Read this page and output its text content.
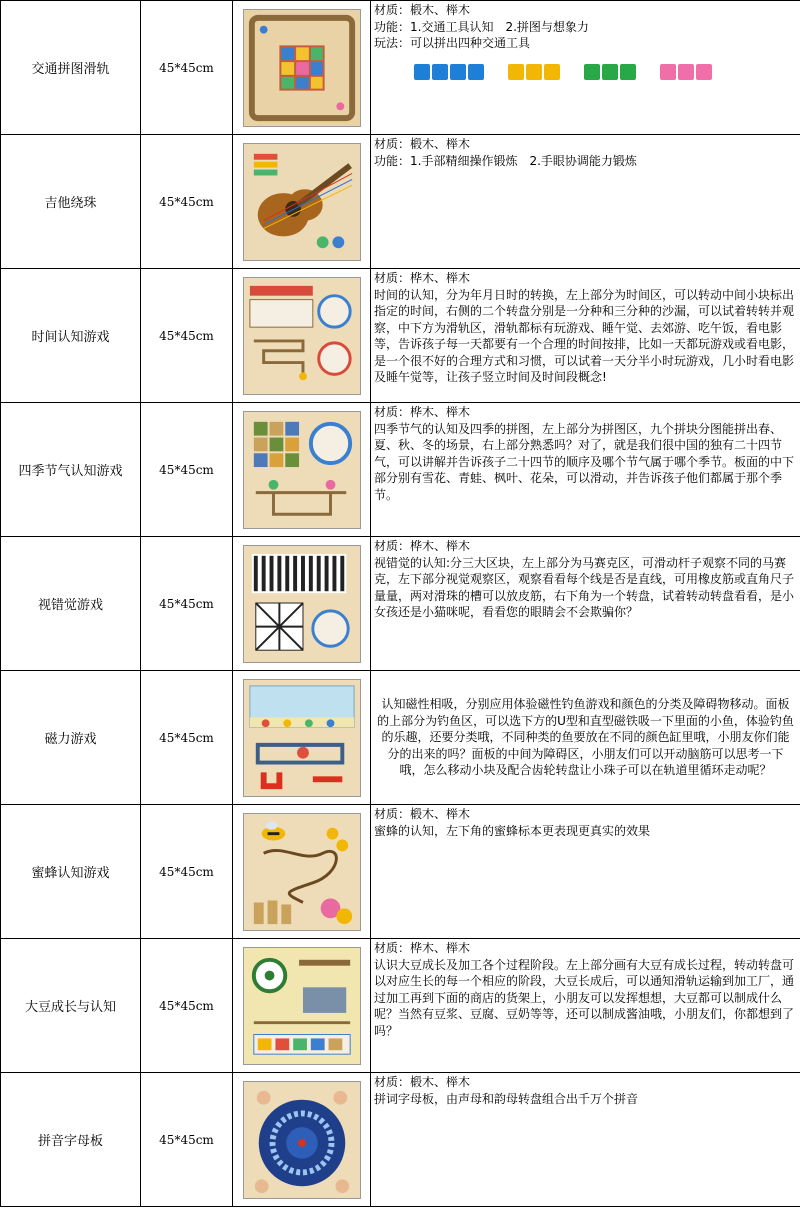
交通拼图滑轨	45*45cm		材质：椴木、榉木
功能：1.交通工具认知　2.拼图与想象力
玩法：可以拼出四种交通工具

吉他绕珠	45*45cm		材质：椴木、榉木
功能：1.手部精细操作锻炼　2.手眼协调能力锻炼

时间认知游戏	45*45cm		材质：桦木、榉木
时间的认知，分为年月日时的转换，左上部分为时间区，可以转动中间小块标出指定的时间，右侧的二个转盘分别是一分种和三分种的沙漏，可以试着转转并观察，中下方为滑轨区，滑轨都标有玩游戏、睡午觉、去郊游、吃午饭，看电影等，告诉孩子每一天都要有一个合理的时间按排，比如一天都玩游戏或看电影，是一个很不好的合理方式和习惯，可以试着一天分半小时玩游戏，几小时看电影及睡午觉等，让孩子竖立时间及时间段概念!

四季节气认知游戏	45*45cm		材质：桦木、榉木
四季节气的认知及四季的拼图，左上部分为拼图区，九个拼块分图能拼出春、夏、秋、冬的场景，右上部分熟悉吗？对了，就是我们很中国的独有二十四节气，可以讲解并告诉孩子二十四节的顺序及哪个节气属于哪个季节。板面的中下部分别有雪花、青蛙、枫叶、花朵，可以滑动，并告诉孩子他们都属于那个季节。

视错觉游戏	45*45cm		材质：桦木、榉木
视错觉的认知:分三大区块，左上部分为马赛克区，可滑动杆子观察不同的马赛克，左下部分视觉观察区，观察看看每个线是否是直线，可用橡皮筋或直角尺子量量，两对滑珠的槽可以放皮筋，右下角为一个转盘，试着转动转盘看看，是小女孩还是小猫咪呢，看看您的眼睛会不会欺骗你？

磁力游戏	45*45cm		认知磁性相吸，分别应用体验磁性钓鱼游戏和颜色的分类及障碍物移动。面板的上部分为钓鱼区，可以选下方的U型和直型磁铁吸一下里面的小鱼，体验钓鱼的乐趣，还要分类哦，不同种类的鱼要放在不同的颜色缸里哦，小朋友你们能分的出来的吗？面板的中间为障碍区，小朋友们可以开动脑筋可以思考一下哦，怎么移动小块及配合齿轮转盘让小珠子可以在轨道里循环走动呢？

蜜蜂认知游戏	45*45cm		材质：椴木、榉木
蜜蜂的认知，左下角的蜜蜂标本更表现更真实的效果

大豆成长与认知	45*45cm		材质：桦木、榉木
认识大豆成长及加工各个过程阶段。左上部分画有大豆有成长过程，转动转盘可以对应生长的每一个相应的阶段，大豆长成后，可以通知滑轨运输到加工厂，通过加工再到下面的商店的货架上，小朋友可以发挥想想，大豆都可以制成什么呢？当然有豆浆、豆腐、豆奶等等，还可以制成酱油哦，小朋友们，你都想到了吗？

拼音字母板	45*45cm		材质：椴木、榉木
拼词字母板，由声母和韵母转盘组合出千万个拼音
